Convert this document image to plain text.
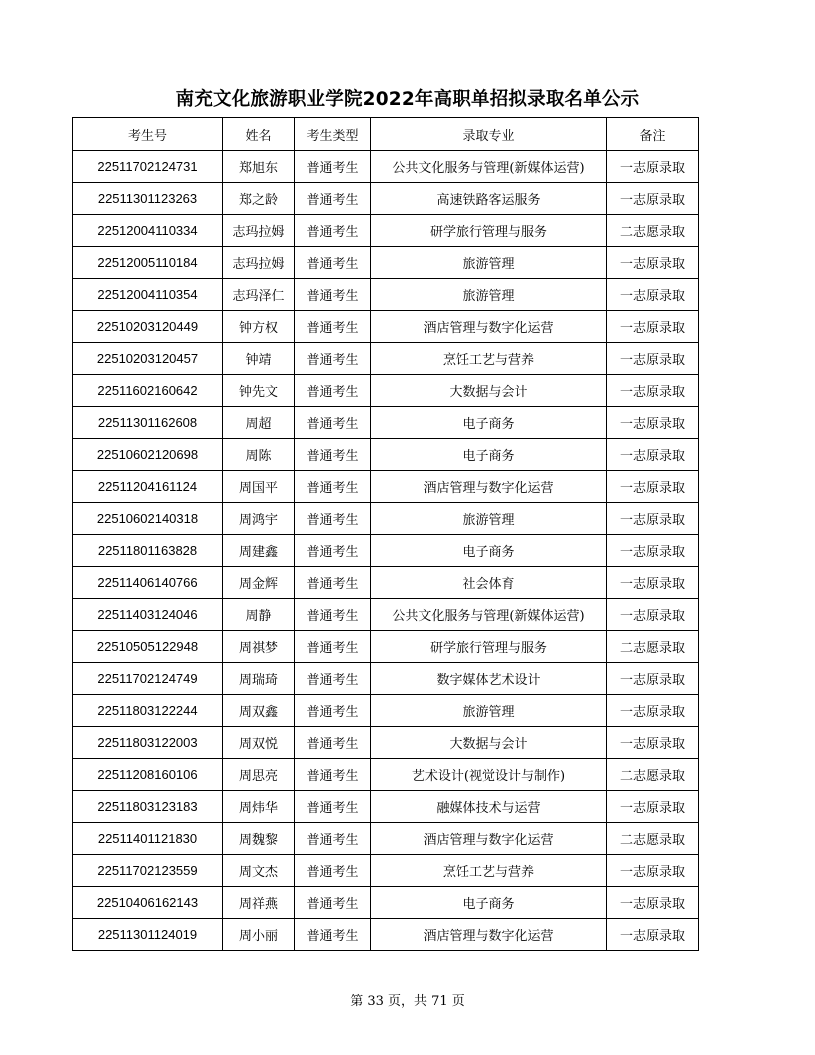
南充文化旅游职业学院2022年高职单招拟录取名单公示
考生号	姓名	考生类型	录取专业	备注
22511702124731	郑旭东	普通考生	公共文化服务与管理(新媒体运营)	一志原录取
22511301123263	郑之龄	普通考生	高速铁路客运服务	一志原录取
22512004110334	志玛拉姆	普通考生	研学旅行管理与服务	二志愿录取
22512005110184	志玛拉姆	普通考生	旅游管理	一志原录取
22512004110354	志玛泽仁	普通考生	旅游管理	一志原录取
22510203120449	钟方权	普通考生	酒店管理与数字化运营	一志原录取
22510203120457	钟靖	普通考生	烹饪工艺与营养	一志原录取
22511602160642	钟先文	普通考生	大数据与会计	一志原录取
22511301162608	周超	普通考生	电子商务	一志原录取
22510602120698	周陈	普通考生	电子商务	一志原录取
22511204161124	周国平	普通考生	酒店管理与数字化运营	一志原录取
22510602140318	周鸿宇	普通考生	旅游管理	一志原录取
22511801163828	周建鑫	普通考生	电子商务	一志原录取
22511406140766	周金辉	普通考生	社会体育	一志原录取
22511403124046	周静	普通考生	公共文化服务与管理(新媒体运营)	一志原录取
22510505122948	周祺梦	普通考生	研学旅行管理与服务	二志愿录取
22511702124749	周瑞琦	普通考生	数字媒体艺术设计	一志原录取
22511803122244	周双鑫	普通考生	旅游管理	一志原录取
22511803122003	周双悦	普通考生	大数据与会计	一志原录取
22511208160106	周思亮	普通考生	艺术设计(视觉设计与制作)	二志愿录取
22511803123183	周炜华	普通考生	融媒体技术与运营	一志原录取
22511401121830	周魏黎	普通考生	酒店管理与数字化运营	二志愿录取
22511702123559	周文杰	普通考生	烹饪工艺与营养	一志原录取
22510406162143	周祥燕	普通考生	电子商务	一志原录取
22511301124019	周小丽	普通考生	酒店管理与数字化运营	一志原录取
第 33 页，共 71 页
